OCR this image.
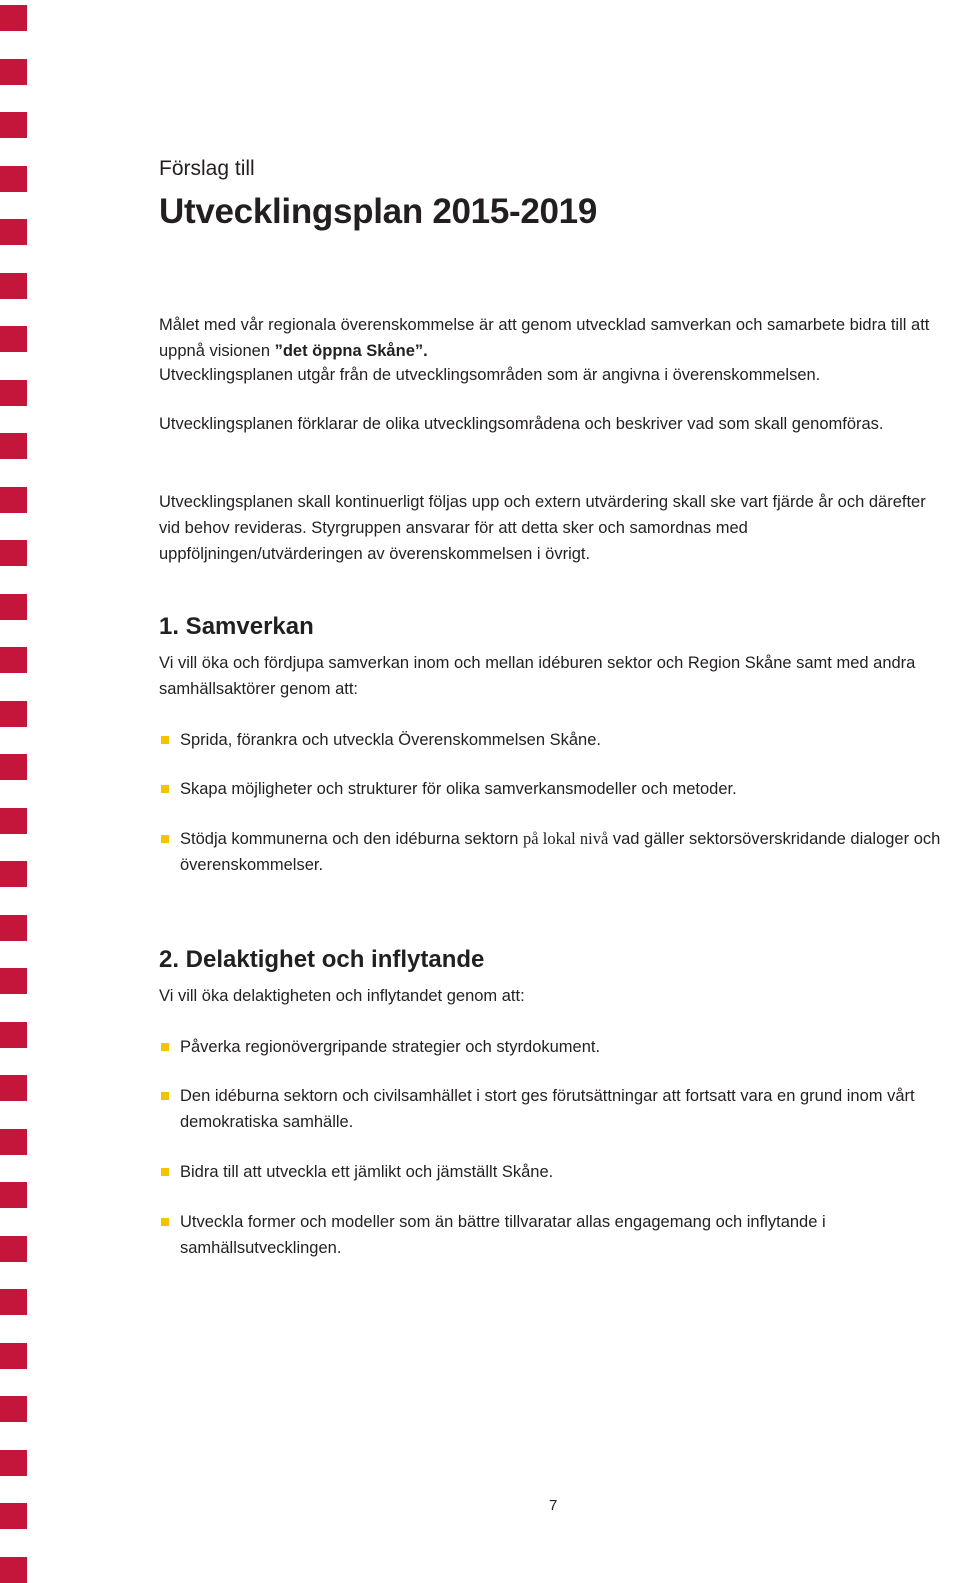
Förslag till
Utvecklingsplan 2015-2019

Målet med vår regionala överenskommelse är att genom utvecklad samverkan och samarbete bidra till att uppnå visionen ”det öppna Skåne”.

Utvecklingsplanen utgår från de utvecklingsområden som är angivna i överenskommelsen.

Utvecklingsplanen förklarar de olika utvecklingsområdena och beskriver vad som skall genomföras.

Utvecklingsplanen skall kontinuerligt följas upp och extern utvärdering skall ske vart fjärde år och därefter vid behov revideras. Styrgruppen ansvarar för att detta sker och samordnas med uppföljningen/utvärderingen av överenskommelsen i övrigt.

1. Samverkan

Vi vill öka och fördjupa samverkan inom och mellan idéburen sektor och Region Skåne samt med andra samhällsaktörer genom att:

Sprida, förankra och utveckla Överenskommelsen Skåne.
Skapa möjligheter och strukturer för olika samverkansmodeller och metoder.
Stödja kommunerna och den idéburna sektorn på lokal nivå vad gäller sektorsöverskridande dialoger och överenskommelser.
2. Delaktighet och inflytande

Vi vill öka delaktigheten och inflytandet genom att:

Påverka regionövergripande strategier och styrdokument.
Den idéburna sektorn och civilsamhället i stort ges förutsättningar att fortsatt vara en grund inom vårt demokratiska samhälle.
Bidra till att utveckla ett jämlikt och jämställt Skåne.
Utveckla former och modeller som än bättre tillvaratar allas engagemang och inflytande i samhällsutvecklingen.
7
